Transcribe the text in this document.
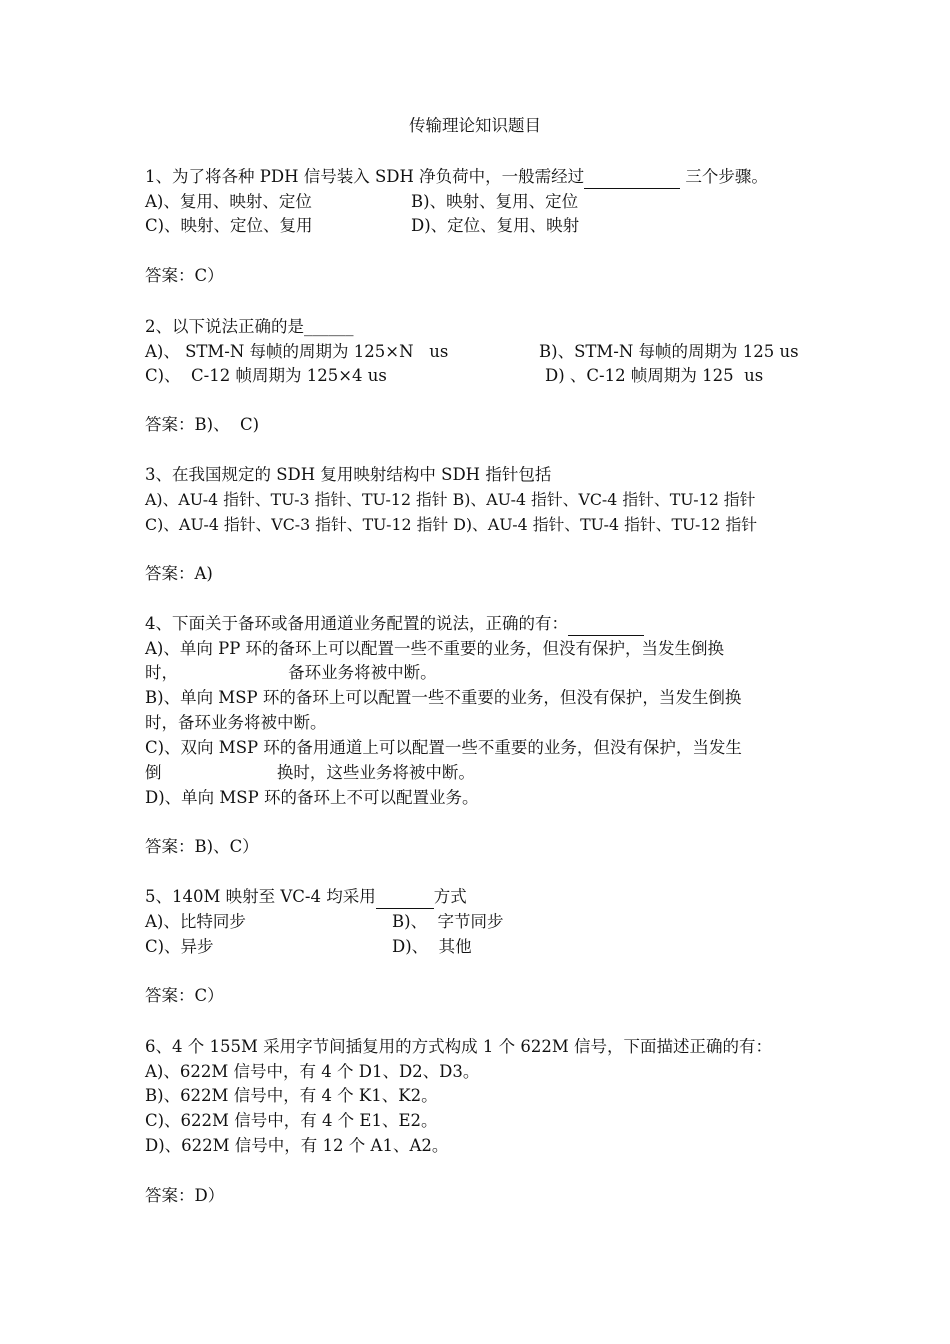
传输理论知识题目
1、为了将各种 PDH 信号装入 SDH 净负荷中，一般需经过	三个步骤。
A)、复用、映射、定位	B)、映射、复用、定位
C)、映射、定位、复用	D)、定位、复用、映射
答案：C）
2、以下说法正确的是______
A)、 STM-N 每帧的周期为 125×N   us	B)、STM-N 每帧的周期为 125 us
C)、  C-12 帧周期为 125×4 us	D) 、C-12 帧周期为 125  us
答案：B)、  C)
3、在我国规定的 SDH 复用映射结构中 SDH 指针包括
A)、AU-4 指针、TU-3 指针、TU-12 指针 B)、AU-4 指针、VC-4 指针、TU-12 指针
C)、AU-4 指针、VC-3 指针、TU-12 指针 D)、AU-4 指针、TU-4 指针、TU-12 指针
答案：A)
4、下面关于备环或备用通道业务配置的说法，正确的有：
A)、单向 PP 环的备环上可以配置一些不重要的业务，但没有保护，当发生倒换
时，                     备环业务将被中断。
B)、单向 MSP 环的备环上可以配置一些不重要的业务，但没有保护，当发生倒换
时，备环业务将被中断。
C)、双向 MSP 环的备用通道上可以配置一些不重要的业务，但没有保护，当发生
倒                      换时，这些业务将被中断。
D)、单向 MSP 环的备环上不可以配置业务。
答案：B)、C）
5、140M 映射至 VC-4 均采用	方式
A)、比特同步	B)、  字节同步
C)、异步	D)、  其他
答案：C）
6、4 个 155M 采用字节间插复用的方式构成 1 个 622M 信号，下面描述正确的有：
A)、622M 信号中，有 4 个 D1、D2、D3。
B)、622M 信号中，有 4 个 K1、K2。
C)、622M 信号中，有 4 个 E1、E2。
D)、622M 信号中，有 12 个 A1、A2。
答案：D）
